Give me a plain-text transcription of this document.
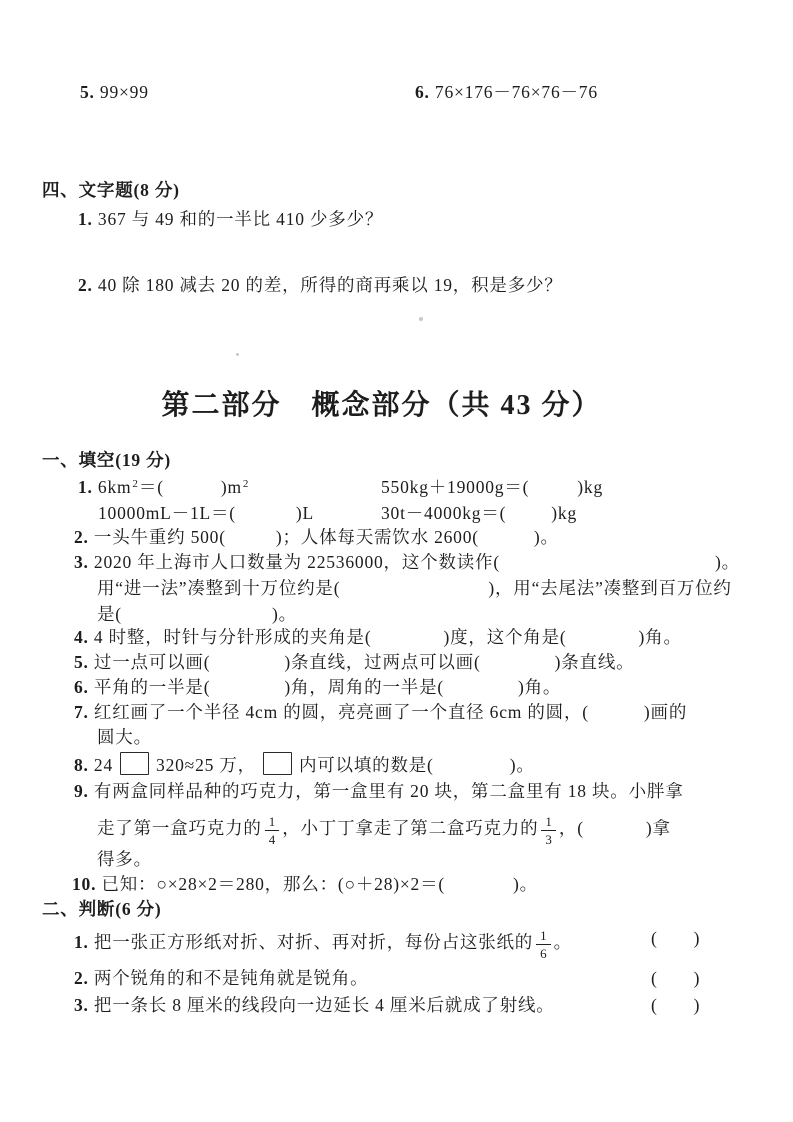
第二部分　概念部分（共 43 分）
5. 99×99	6. 76×176－76×76－76
四、文字题(8 分)
1. 367 与 49 和的一半比 410 少多少？
2. 40 除 180 减去 20 的差，所得的商再乘以 19，积是多少？
一、填空(19 分)
1. $6km^2=$(	)$m^2$	550kg＋19000g＝(	)kg
10000mL－1L＝(	)L	30t－4000kg＝(	)kg
2. 一头牛重约 500(	)；人体每天需饮水 2600(	)。
3. 2020 年上海市人口数量为 22536000，这个数读作(	)。
用“进一法”凑整到十万位约是(	)，用“去尾法”凑整到百万位约
是(	)。
4. 4 时整，时针与分针形成的夹角是(	)度，这个角是(	)角。
5. 过一点可以画(	)条直线，过两点可以画(	)条直线。
6. 平角的一半是(	)角，周角的一半是(	)角。
7. 红红画了一个半径 4cm 的圆，亮亮画了一个直径 6cm 的圆，(	)画的
圆大。
8. 24 320≈25 万， 内可以填的数是(	)。
9. 有两盒同样品种的巧克力，第一盒里有 20 块，第二盒里有 18 块。小胖拿
走了第一盒巧克力的 $\frac{1}{4}$ ，小丁丁拿走了第二盒巧克力的 $\frac{1}{3}$ ，(	)拿
得多。
10. 已知：○×28×2＝280，那么：(○＋28)×2＝(	)。
二、判断(6 分)
1. 把一张正方形纸对折、对折、再对折，每份占这张纸的 $\frac{1}{6}$ 。	( )
2. 两个锐角的和不是钝角就是锐角。	( )
3. 把一条长 8 厘米的线段向一边延长 4 厘米后就成了射线。	( )
